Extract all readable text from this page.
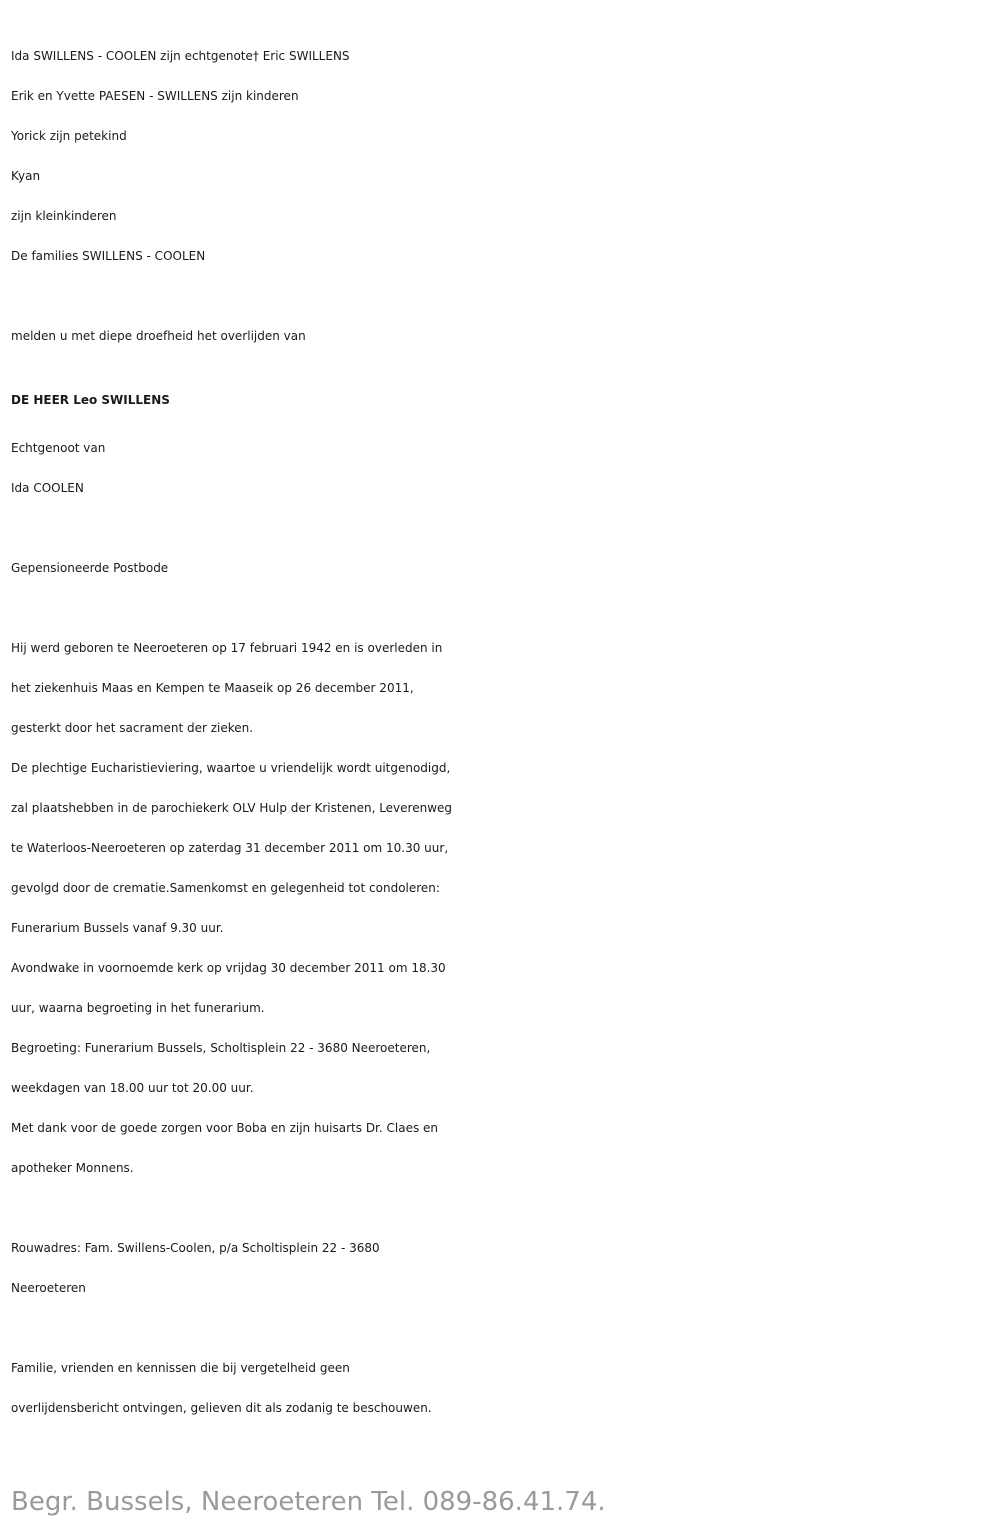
Ida SWILLENS - COOLEN zijn echtgenote† Eric SWILLENS

Erik en Yvette PAESEN - SWILLENS zijn kinderen

Yorick zijn petekind

Kyan

zijn kleinkinderen

De families SWILLENS - COOLEN

melden u met diepe droefheid het overlijden van

DE HEER Leo SWILLENS

Echtgenoot van

Ida COOLEN

Gepensioneerde Postbode

Hij werd geboren te Neeroeteren op 17 februari 1942 en is overleden in

het ziekenhuis Maas en Kempen te Maaseik op 26 december 2011,

gesterkt door het sacrament der zieken.

De plechtige Eucharistieviering, waartoe u vriendelijk wordt uitgenodigd,

zal plaatshebben in de parochiekerk OLV Hulp der Kristenen, Leverenweg

te Waterloos-Neeroeteren op zaterdag 31 december 2011 om 10.30 uur,

gevolgd door de crematie.Samenkomst en gelegenheid tot condoleren:

Funerarium Bussels vanaf 9.30 uur.

Avondwake in voornoemde kerk op vrijdag 30 december 2011 om 18.30

uur, waarna begroeting in het funerarium.

Begroeting: Funerarium Bussels, Scholtisplein 22 - 3680 Neeroeteren,

weekdagen van 18.00 uur tot 20.00 uur.

Met dank voor de goede zorgen voor Boba en zijn huisarts Dr. Claes en

apotheker Monnens.

Rouwadres: Fam. Swillens-Coolen, p/a Scholtisplein 22 - 3680

Neeroeteren

Familie, vrienden en kennissen die bij vergetelheid geen

overlijdensbericht ontvingen, gelieven dit als zodanig te beschouwen.

Begr. Bussels, Neeroeteren Tel. 089-86.41.74.
